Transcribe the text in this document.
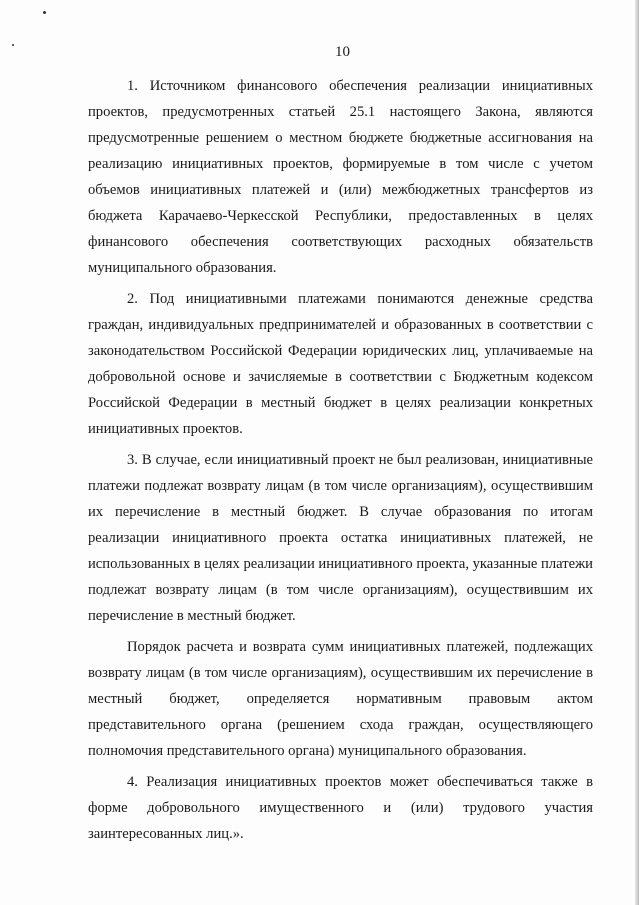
10

1. Источником финансового обеспечения реализации инициативных проектов, предусмотренных статьей 25.1 настоящего Закона, являются предусмотренные решением о местном бюджете бюджетные ассигнования на реализацию инициативных проектов, формируемые в том числе с учетом объемов инициативных платежей и (или) межбюджетных трансфертов из бюджета Карачаево-Черкесской Республики, предоставленных в целях финансового обеспечения соответствующих расходных обязательств муниципального образования.

2. Под инициативными платежами понимаются денежные средства граждан, индивидуальных предпринимателей и образованных в соответствии с законодательством Российской Федерации юридических лиц, уплачиваемые на добровольной основе и зачисляемые в соответствии с Бюджетным кодексом Российской Федерации в местный бюджет в целях реализации конкретных инициативных проектов.

3. В случае, если инициативный проект не был реализован, инициативные платежи подлежат возврату лицам (в том числе организациям), осуществившим их перечисление в местный бюджет. В случае образования по итогам реализации инициативного проекта остатка инициативных платежей, не использованных в целях реализации инициативного проекта, указанные платежи подлежат возврату лицам (в том числе организациям), осуществившим их перечисление в местный бюджет.

Порядок расчета и возврата сумм инициативных платежей, подлежащих возврату лицам (в том числе организациям), осуществившим их перечисление в местный бюджет, определяется нормативным правовым актом представительного органа (решением схода граждан, осуществляющего полномочия представительного органа) муниципального образования.

4. Реализация инициативных проектов может обеспечиваться также в форме добровольного имущественного и (или) трудового участия заинтересованных лиц.».
